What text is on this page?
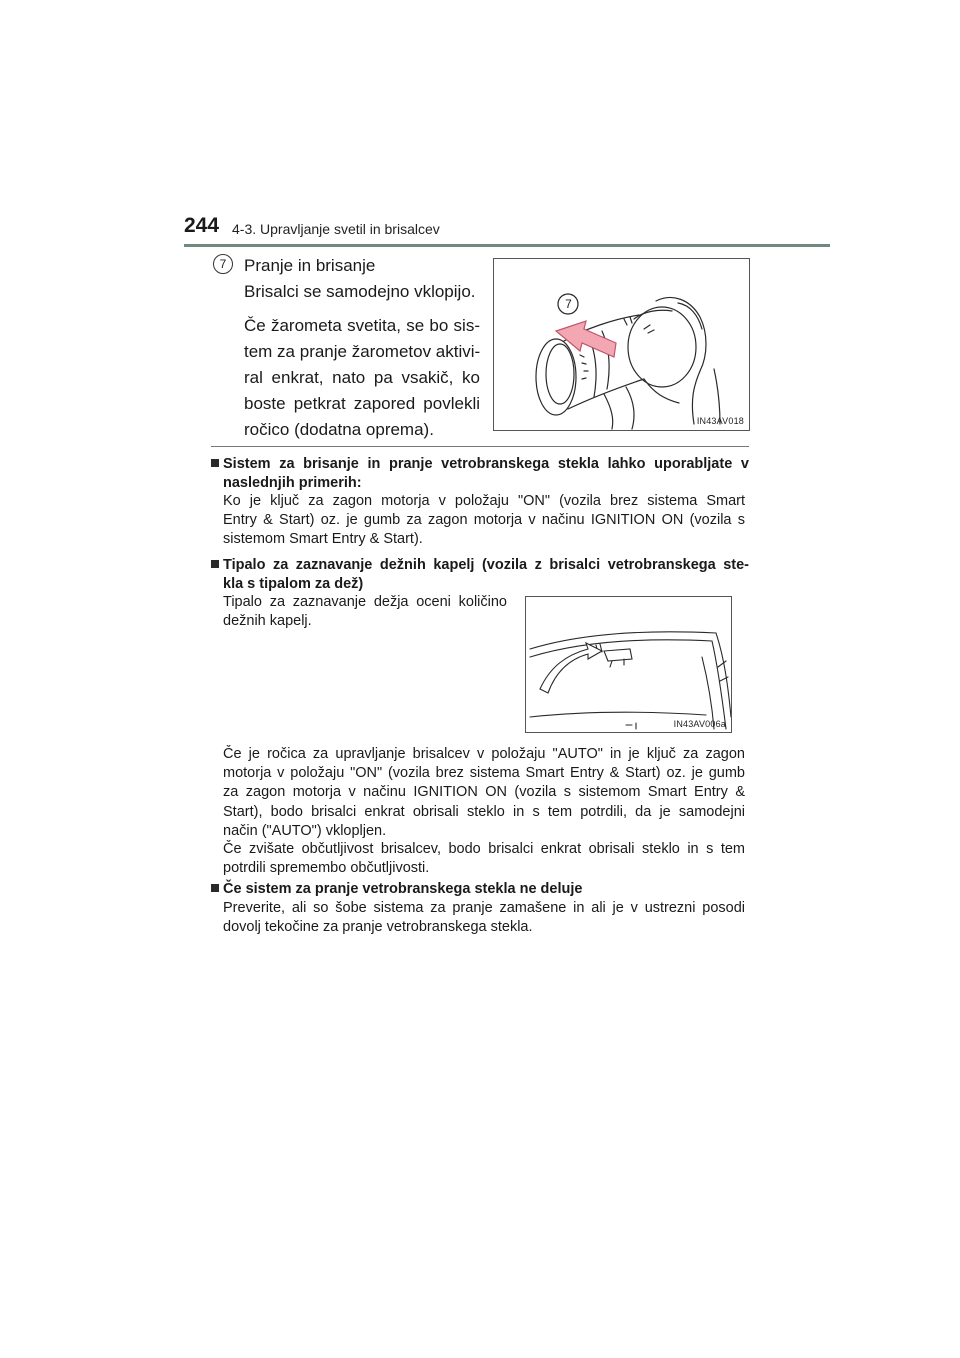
244 4-3. Upravljanje svetil in brisalcev
7	Pranje in brisanje
Brisalci se samodejno vklopijo.
Če žarometa svetita, se bo sis-
tem za pranje žarometov aktivi-
ral enkrat, nato pa vsakič, ko
boste petkrat zapored povlekli
ročico (dodatna oprema).
7
IN43AV018
Sistem za brisanje in pranje vetrobranskega stekla lahko uporabljate v
naslednjih primerih:
Ko je ključ za zagon motorja v položaju "ON" (vozila brez sistema Smart
Entry & Start) oz. je gumb za zagon motorja v načinu IGNITION ON (vozila s
sistemom Smart Entry & Start).
Tipalo za zaznavanje dežnih kapelj (vozila z brisalci vetrobranskega ste-
kla s tipalom za dež)
Tipalo za zaznavanje dežja oceni količino
dežnih kapelj.
IN43AV006a
Če je ročica za upravljanje brisalcev v položaju "AUTO" in je ključ za zagon
motorja v položaju "ON" (vozila brez sistema Smart Entry & Start) oz. je gumb
za zagon motorja v načinu IGNITION ON (vozila s sistemom Smart Entry &
Start), bodo brisalci enkrat obrisali steklo in s tem potrdili, da je samodejni
način ("AUTO") vklopljen.
Če zvišate občutljivost brisalcev, bodo brisalci enkrat obrisali steklo in s tem
potrdili spremembo občutljivosti.
Če sistem za pranje vetrobranskega stekla ne deluje
Preverite, ali so šobe sistema za pranje zamašene in ali je v ustrezni posodi
dovolj tekočine za pranje vetrobranskega stekla.
